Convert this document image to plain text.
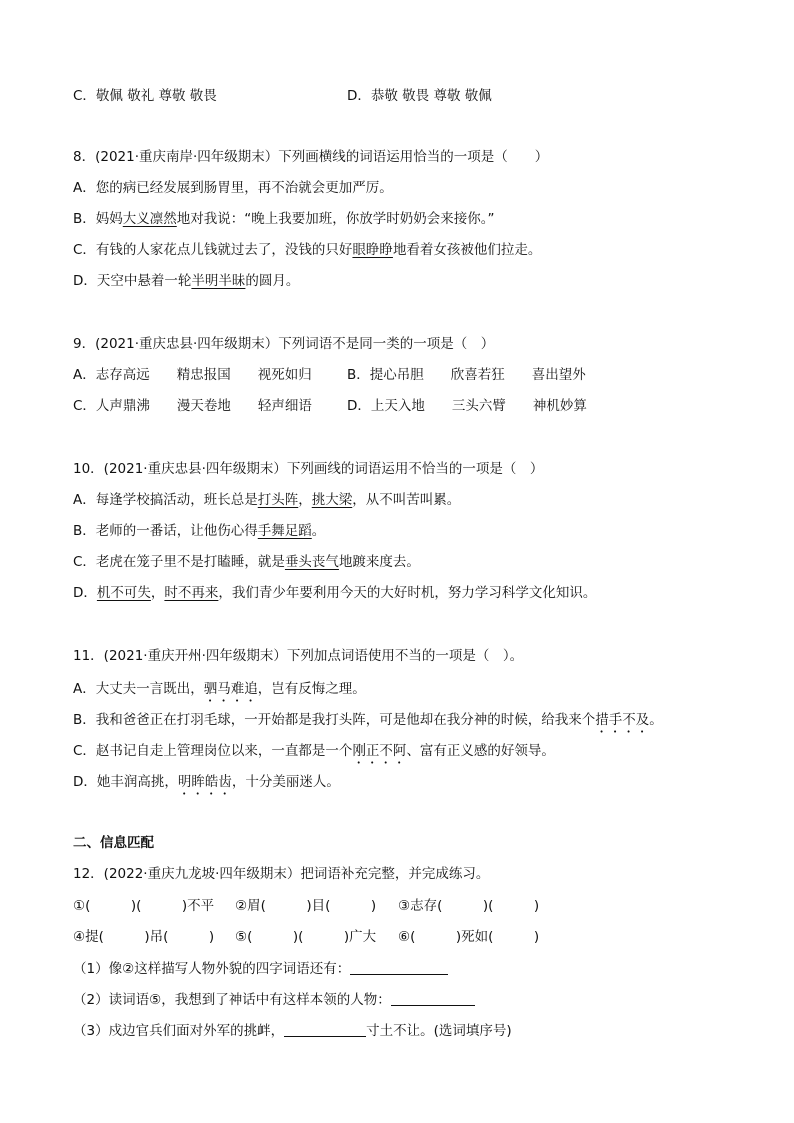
C．敬佩 敬礼 尊敬 敬畏	D．恭敬 敬畏 尊敬 敬佩
8．(2021·重庆南岸·四年级期末）下列画横线的词语运用恰当的一项是（　　）
A．您的病已经发展到肠胃里，再不治就会更加严厉。
B．妈妈大义凛然地对我说：“晚上我要加班，你放学时奶奶会来接你。”
C．有钱的人家花点儿钱就过去了，没钱的只好眼睁睁地看着女孩被他们拉走。
D．天空中悬着一轮半明半昧的圆月。
9．(2021·重庆忠县·四年级期末）下列词语不是同一类的一项是（　）
A．志存高远　　精忠报国　　视死如归	B．提心吊胆　　欣喜若狂　　喜出望外
C．人声鼎沸　　漫天卷地　　轻声细语	D．上天入地　　三头六臂　　神机妙算
10．(2021·重庆忠县·四年级期末）下列画线的词语运用不恰当的一项是（　）
A．每逢学校搞活动，班长总是打头阵，挑大梁，从不叫苦叫累。
B．老师的一番话，让他伤心得手舞足蹈。
C．老虎在笼子里不是打瞌睡，就是垂头丧气地踱来度去。
D．机不可失，时不再来，我们青少年要利用今天的大好时机，努力学习科学文化知识。
11．(2021·重庆开州·四年级期末）下列加点词语使用不当的一项是（　）。
A．大丈夫一言既出，驷马难追，岂有反悔之理。
B．我和爸爸正在打羽毛球，一开始都是我打头阵，可是他却在我分神的时候，给我来个措手不及。
C．赵书记自走上管理岗位以来，一直都是一个刚正不阿、富有正义感的好领导。
D．她丰润高挑，明眸皓齿，十分美丽迷人。
二、信息匹配
12．(2022·重庆九龙坡·四年级期末）把词语补充完整，并完成练习。
①(　　　)(　　　)不平 ②眉(　　　)目(　　　) ③志存(　　　)(　　　)
④提(　　　)吊(　　　) ⑤(　　　)(　　　)广大 ⑥(　　　)死如(　　　)
（1）像②这样描写人物外貌的四字词语还有：
（2）读词语⑤，我想到了神话中有这样本领的人物：
（3）戍边官兵们面对外军的挑衅，	寸土不让。(选词填序号)
